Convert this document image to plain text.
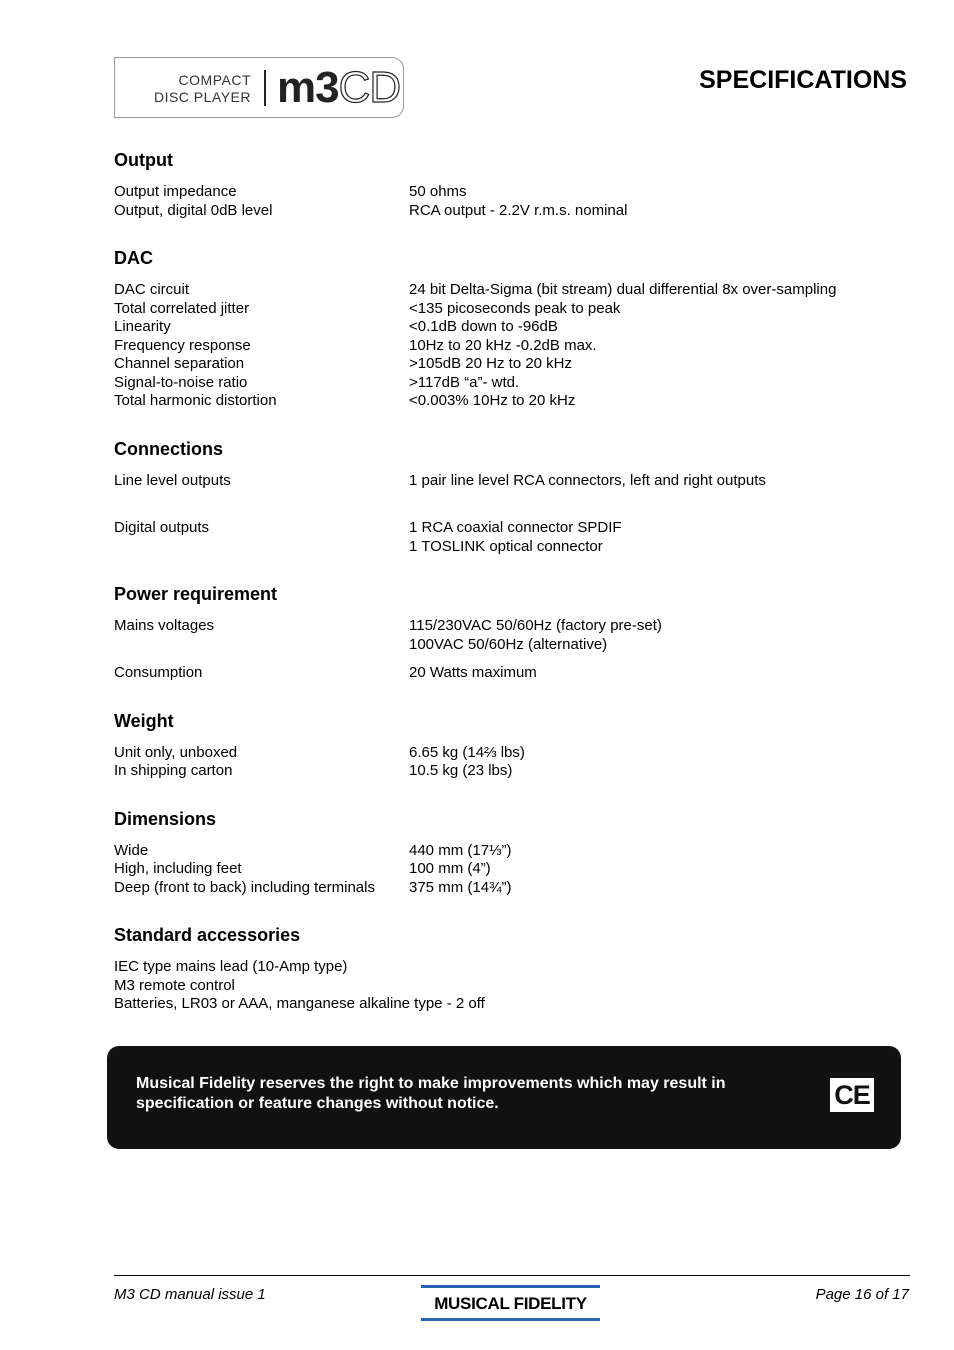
COMPACT
DISC PLAYER m3CD	SPECIFICATIONS
Output
Output impedance	50 ohms
Output, digital 0dB level	RCA output - 2.2V r.m.s. nominal
DAC
DAC circuit	24 bit Delta-Sigma (bit stream) dual differential 8x over-sampling
Total correlated jitter	<135 picoseconds peak to peak
Linearity	<0.1dB down to -96dB
Frequency response	10Hz to 20 kHz -0.2dB max.
Channel separation	>105dB 20 Hz to 20 kHz
Signal-to-noise ratio	>117dB “a”- wtd.
Total harmonic distortion	<0.003% 10Hz to 20 kHz
Connections
Line level outputs	1 pair line level RCA connectors, left and right outputs
Digital outputs	1 RCA coaxial connector SPDIF
1 TOSLINK optical connector
Power requirement
Mains voltages	115/230VAC 50/60Hz (factory pre-set)
100VAC 50/60Hz (alternative)
Consumption	20 Watts maximum
Weight
Unit only, unboxed	6.65 kg (14⅔ lbs)
In shipping carton	10.5 kg (23 lbs)
Dimensions
Wide	440 mm (17⅓”)
High, including feet	100 mm (4”)
Deep (front to back) including terminals	375 mm (14¾”)
Standard accessories
IEC type mains lead (10-Amp type)
M3 remote control
Batteries, LR03 or AAA, manganese alkaline type - 2 off
Musical Fidelity reserves the right to make improvements which may result in specification or feature changes without notice.	CE
M3 CD manual issue 1	MUSICAL FIDELITY	Page 16 of 17
